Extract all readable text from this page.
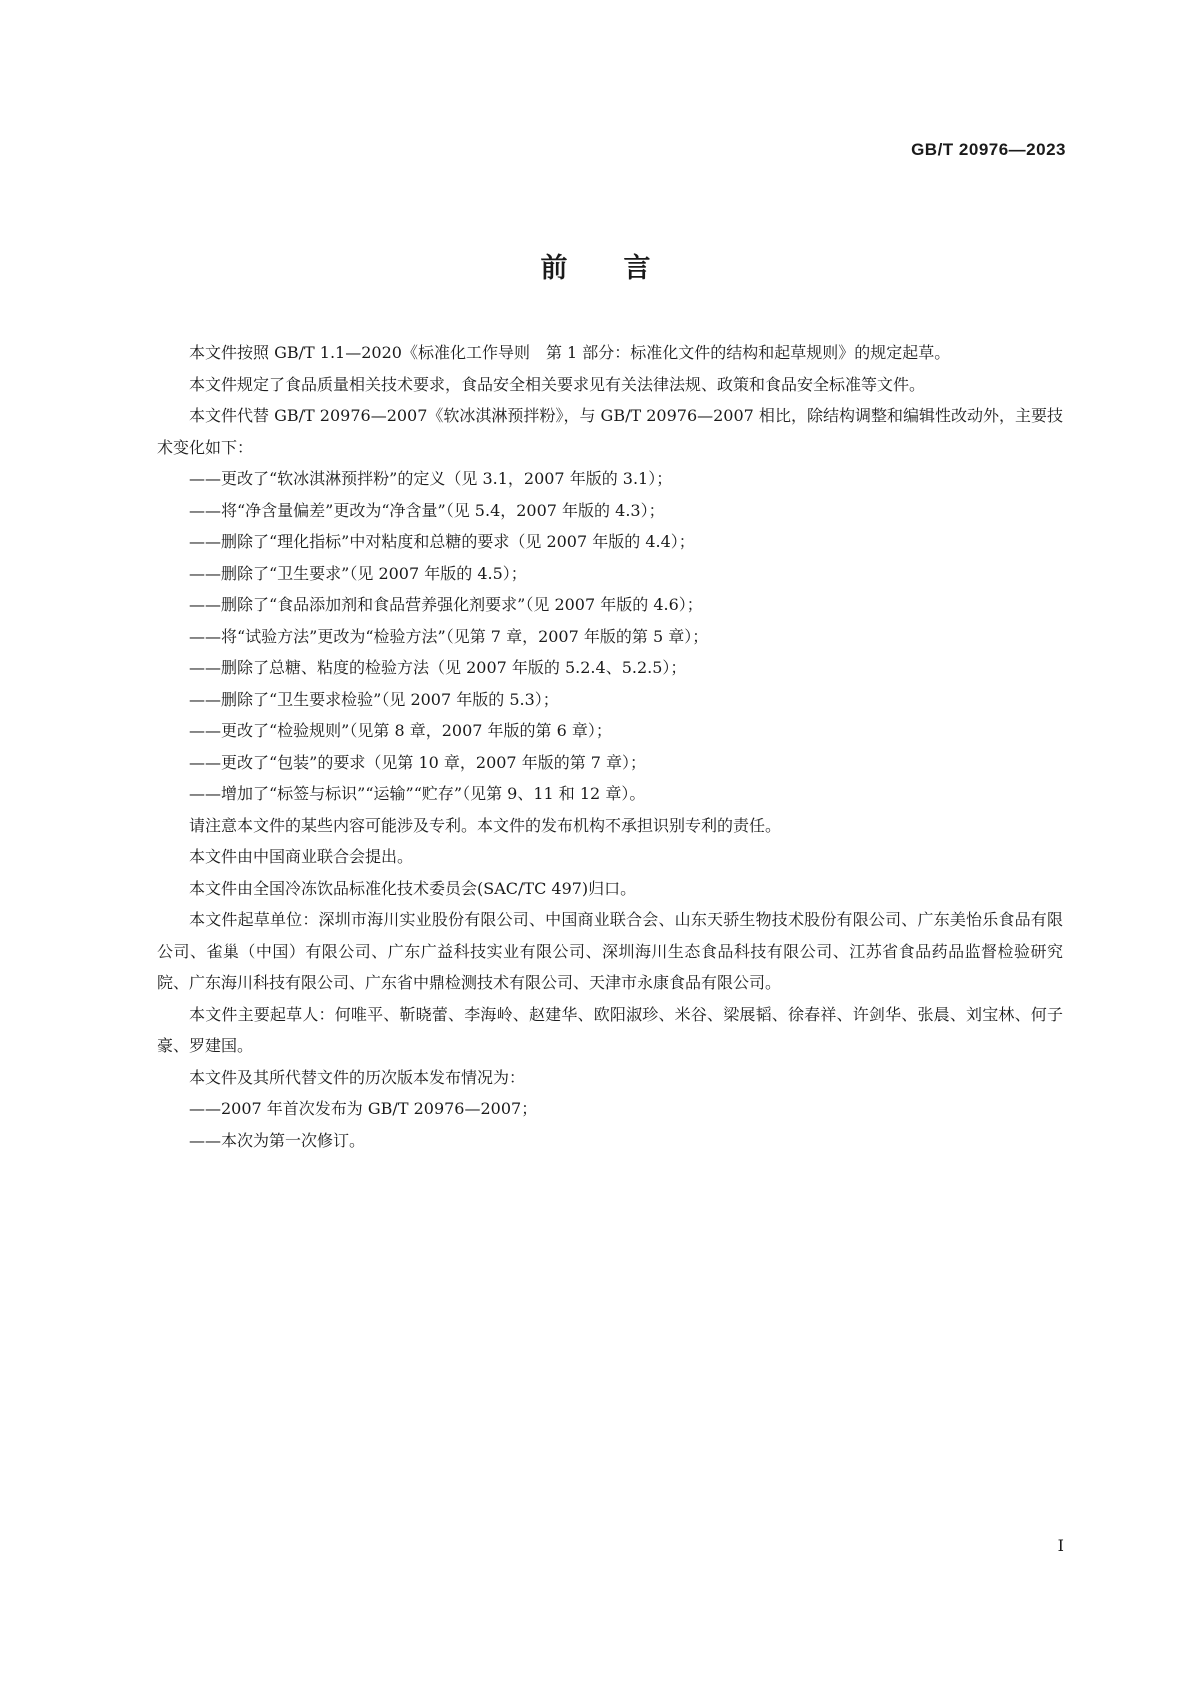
GB/T 20976—2023
前言

本文件按照 GB/T 1.1—2020《标准化工作导则　第 1 部分：标准化文件的结构和起草规则》的规定起草。

本文件规定了食品质量相关技术要求，食品安全相关要求见有关法律法规、政策和食品安全标准等文件。

本文件代替 GB/T 20976—2007《软冰淇淋预拌粉》，与 GB/T 20976—2007 相比，除结构调整和编辑性改动外，主要技术变化如下：

——更改了“软冰淇淋预拌粉”的定义（见 3.1，2007 年版的 3.1）；

——将“净含量偏差”更改为“净含量”（见 5.4，2007 年版的 4.3）；

——删除了“理化指标”中对粘度和总糖的要求（见 2007 年版的 4.4）；

——删除了“卫生要求”（见 2007 年版的 4.5）；

——删除了“食品添加剂和食品营养强化剂要求”（见 2007 年版的 4.6）；

——将“试验方法”更改为“检验方法”（见第 7 章，2007 年版的第 5 章）；

——删除了总糖、粘度的检验方法（见 2007 年版的 5.2.4、5.2.5）；

——删除了“卫生要求检验”（见 2007 年版的 5.3）；

——更改了“检验规则”（见第 8 章，2007 年版的第 6 章）；

——更改了“包装”的要求（见第 10 章，2007 年版的第 7 章）；

——增加了“标签与标识”“运输”“贮存”（见第 9、11 和 12 章）。

请注意本文件的某些内容可能涉及专利。本文件的发布机构不承担识别专利的责任。

本文件由中国商业联合会提出。

本文件由全国冷冻饮品标准化技术委员会(SAC/TC 497)归口。

本文件起草单位：深圳市海川实业股份有限公司、中国商业联合会、山东天骄生物技术股份有限公司、广东美怡乐食品有限公司、雀巢（中国）有限公司、广东广益科技实业有限公司、深圳海川生态食品科技有限公司、江苏省食品药品监督检验研究院、广东海川科技有限公司、广东省中鼎检测技术有限公司、天津市永康食品有限公司。

本文件主要起草人：何唯平、靳晓蕾、李海岭、赵建华、欧阳淑珍、米谷、梁展韬、徐春祥、许剑华、张晨、刘宝林、何子豪、罗建国。

本文件及其所代替文件的历次版本发布情况为：

——2007 年首次发布为 GB/T 20976—2007；

——本次为第一次修订。

I
